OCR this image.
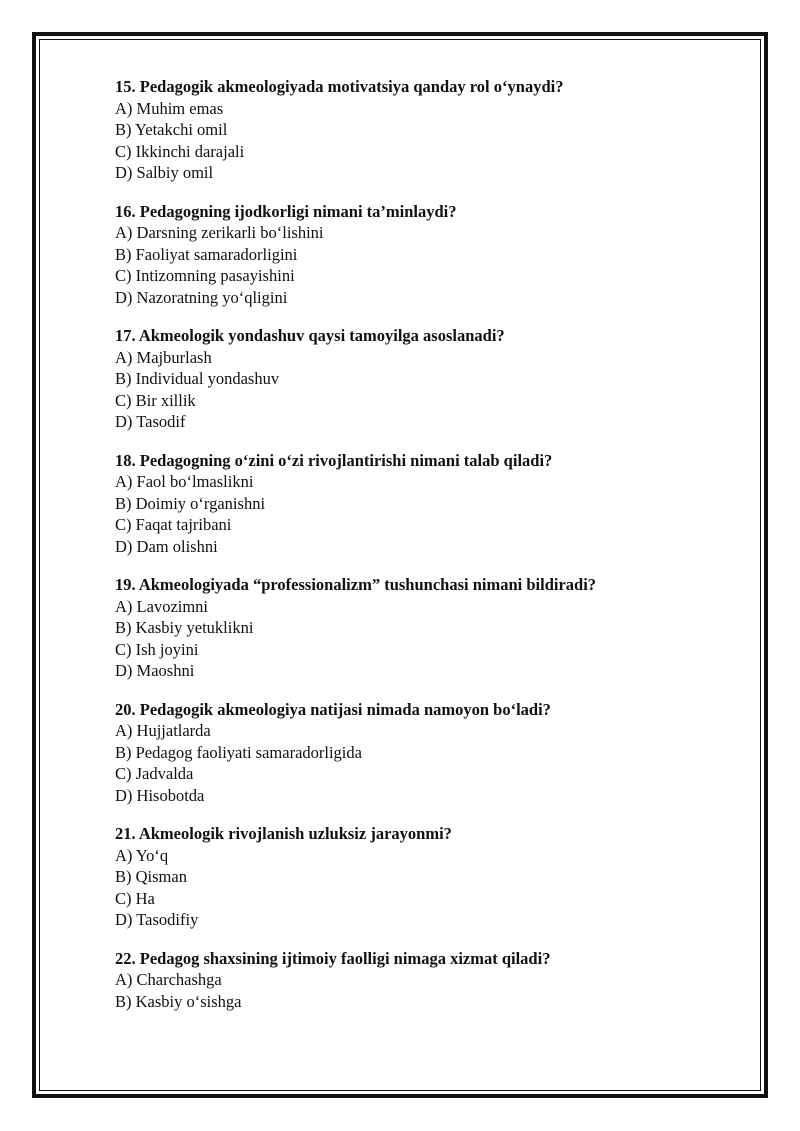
15. Pedagogik akmeologiyada motivatsiya qanday rol o‘ynaydi?
A) Muhim emas
B) Yetakchi omil
C) Ikkinchi darajali
D) Salbiy omil
16. Pedagogning ijodkorligi nimani ta’minlaydi?
A) Darsning zerikarli bo‘lishini
B) Faoliyat samaradorligini
C) Intizomning pasayishini
D) Nazoratning yo‘qligini
17. Akmeologik yondashuv qaysi tamoyilga asoslanadi?
A) Majburlash
B) Individual yondashuv
C) Bir xillik
D) Tasodif
18. Pedagogning o‘zini o‘zi rivojlantirishi nimani talab qiladi?
A) Faol bo‘lmaslikni
B) Doimiy o‘rganishni
C) Faqat tajribani
D) Dam olishni
19. Akmeologiyada “professionalizm” tushunchasi nimani bildiradi?
A) Lavozimni
B) Kasbiy yetuklikni
C) Ish joyini
D) Maoshni
20. Pedagogik akmeologiya natijasi nimada namoyon bo‘ladi?
A) Hujjatlarda
B) Pedagog faoliyati samaradorligida
C) Jadvalda
D) Hisobotda
21. Akmeologik rivojlanish uzluksiz jarayonmi?
A) Yo‘q
B) Qisman
C) Ha
D) Tasodifiy
22. Pedagog shaxsining ijtimoiy faolligi nimaga xizmat qiladi?
A) Charchashga
B) Kasbiy o‘sishga
